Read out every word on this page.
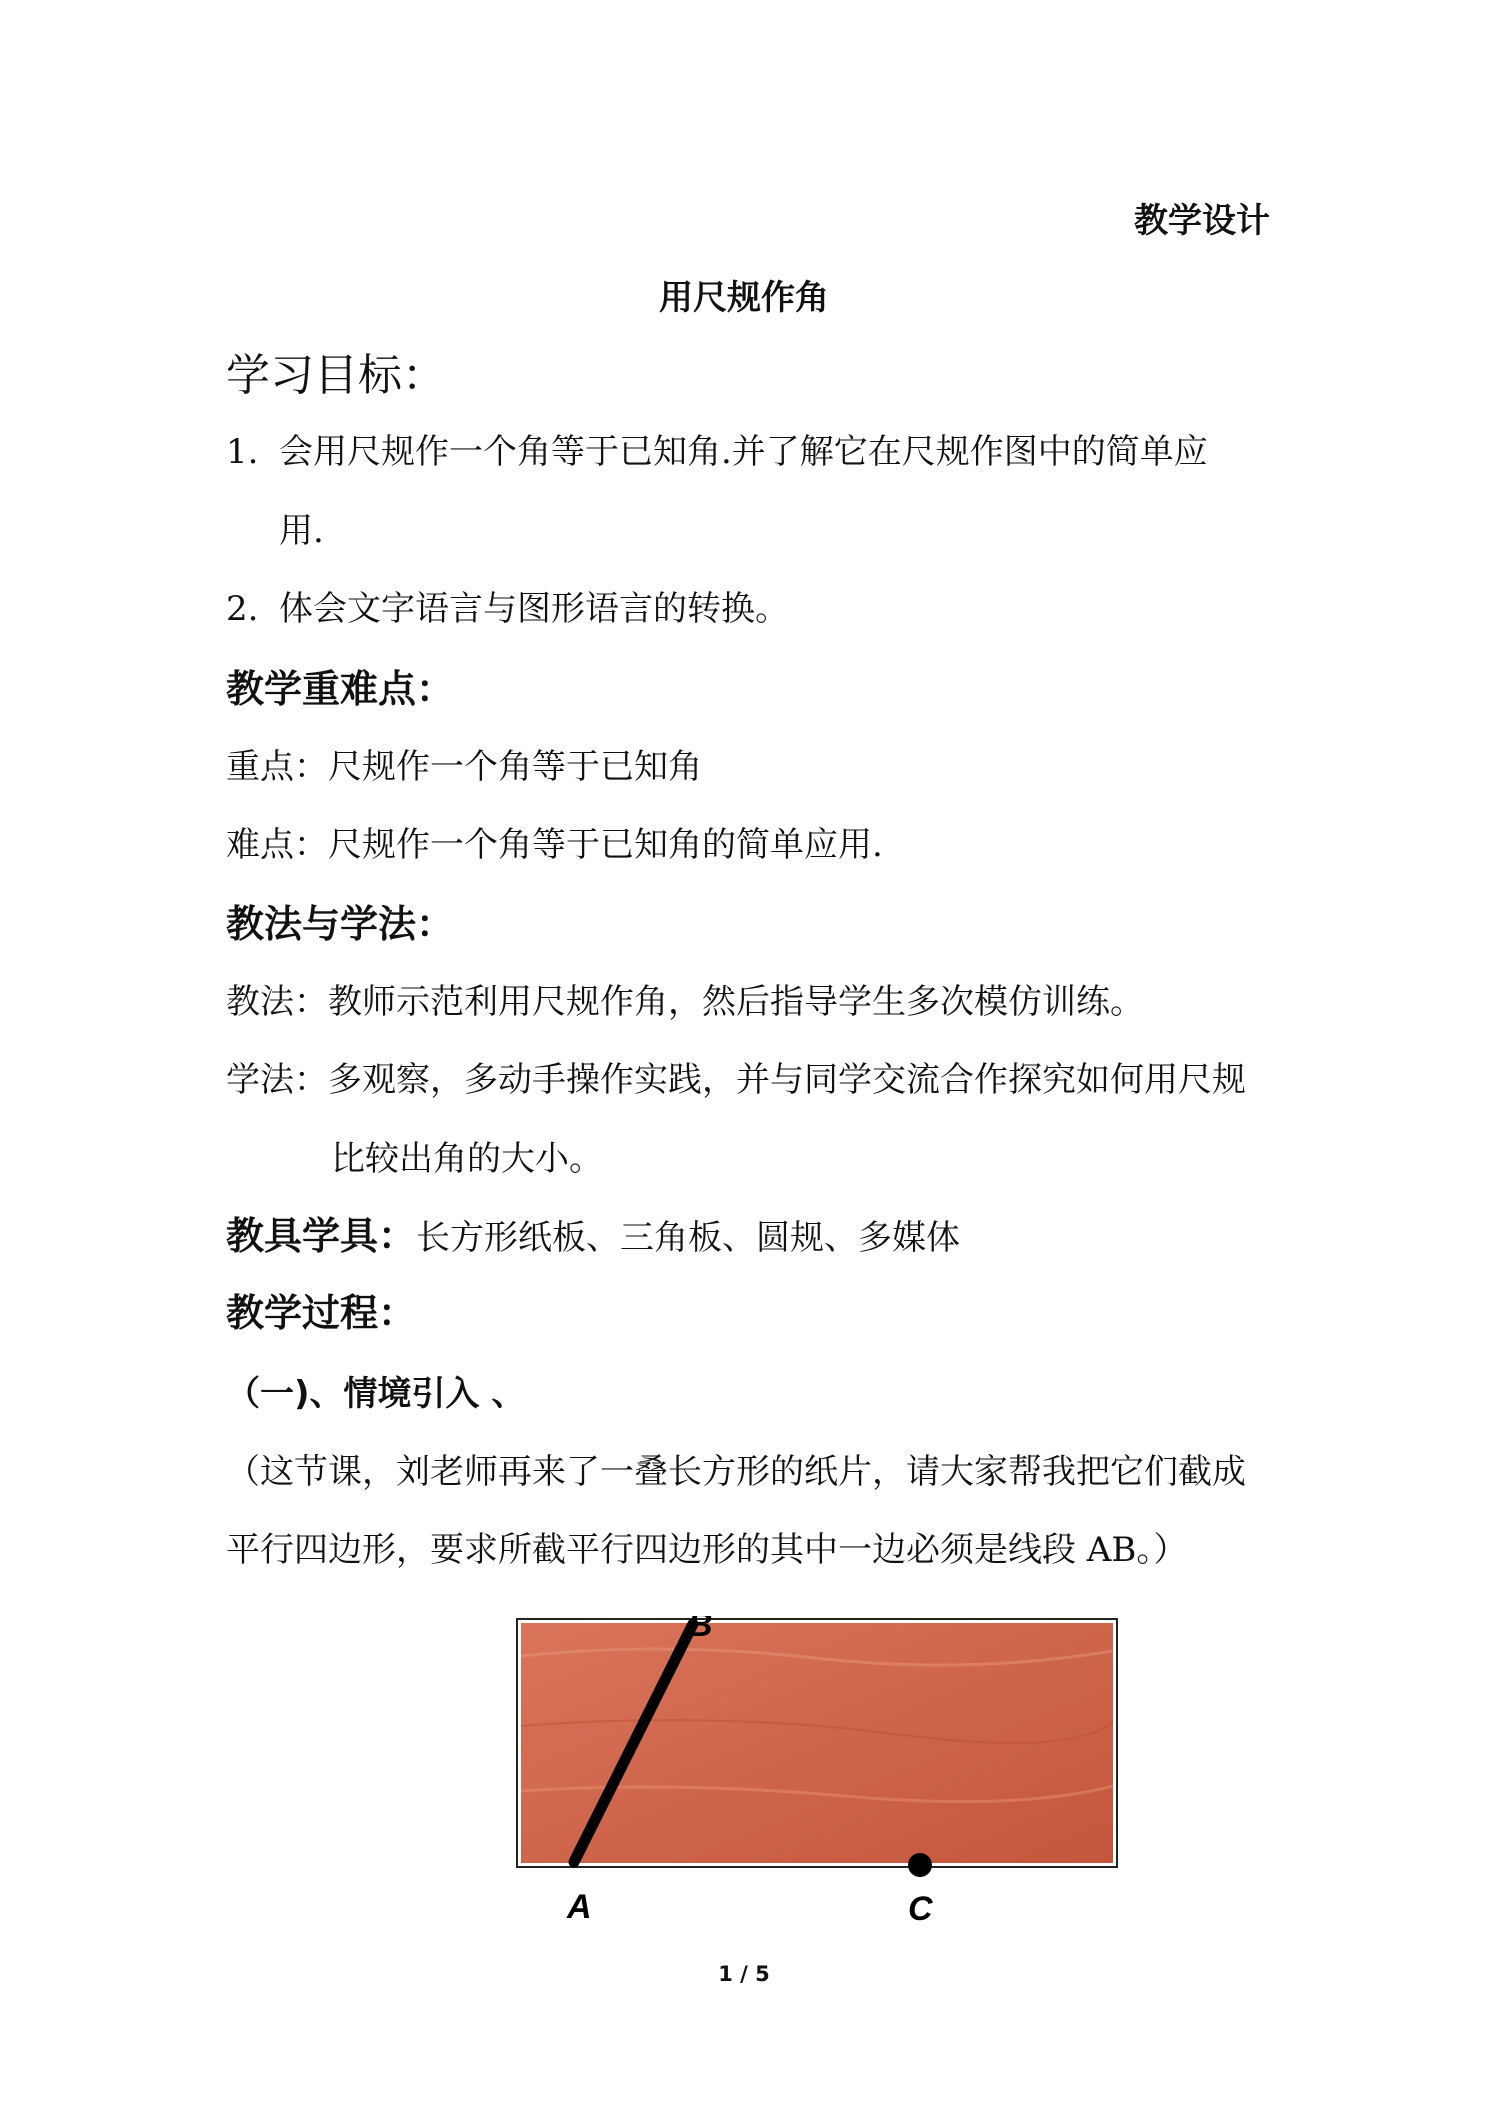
教学设计
用尺规作角
学习目标：
1. 会用尺规作一个角等于已知角.并了解它在尺规作图中的简单应
用.
2. 体会文字语言与图形语言的转换。
教学重难点：
重点：尺规作一个角等于已知角
难点：尺规作一个角等于已知角的简单应用.
教法与学法：
教法：教师示范利用尺规作角，然后指导学生多次模仿训练。
学法：多观察，多动手操作实践，并与同学交流合作探究如何用尺规
比较出角的大小。
教具学具：长方形纸板、三角板、圆规、多媒体
教学过程：
（一)、情境引入 、
（这节课，刘老师再来了一叠长方形的纸片，请大家帮我把它们截成
平行四边形，要求所截平行四边形的其中一边必须是线段 AB。）
A
B
C
1 / 5
